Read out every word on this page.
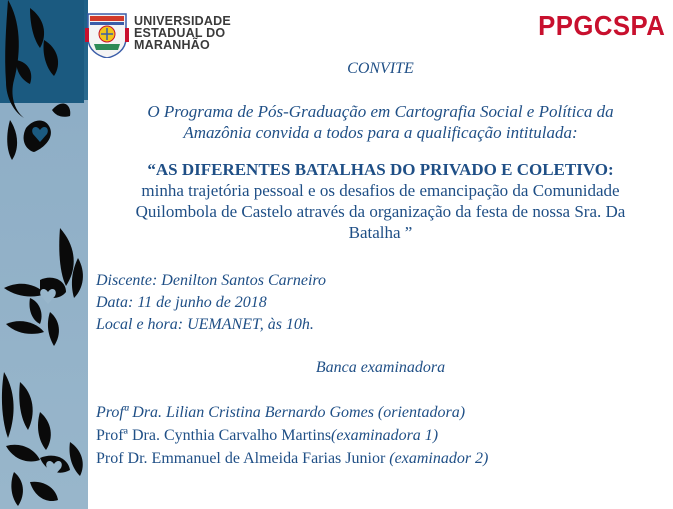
UNIVERSIDADE
ESTADUAL DO
MARANHÃO
PPGCSPA
CONVITE
O Programa de Pós-Graduação em Cartografia Social e Política da
Amazônia convida a todos para a qualificação intitulada:
“AS DIFERENTES BATALHAS DO PRIVADO E COLETIVO:
minha trajetória pessoal e os desafios de emancipação da Comunidade
Quilombola de Castelo através da organização da festa de nossa Sra. Da
Batalha ”
Discente: Denilton Santos Carneiro
Data: 11 de junho de 2018
Local e hora: UEMANET, às 10h.
Banca examinadora
Profª Dra. Lilian Cristina Bernardo Gomes (orientadora)
Profª Dra. Cynthia Carvalho Martins(examinadora 1)
Prof Dr. Emmanuel de Almeida Farias Junior (examinador 2)
